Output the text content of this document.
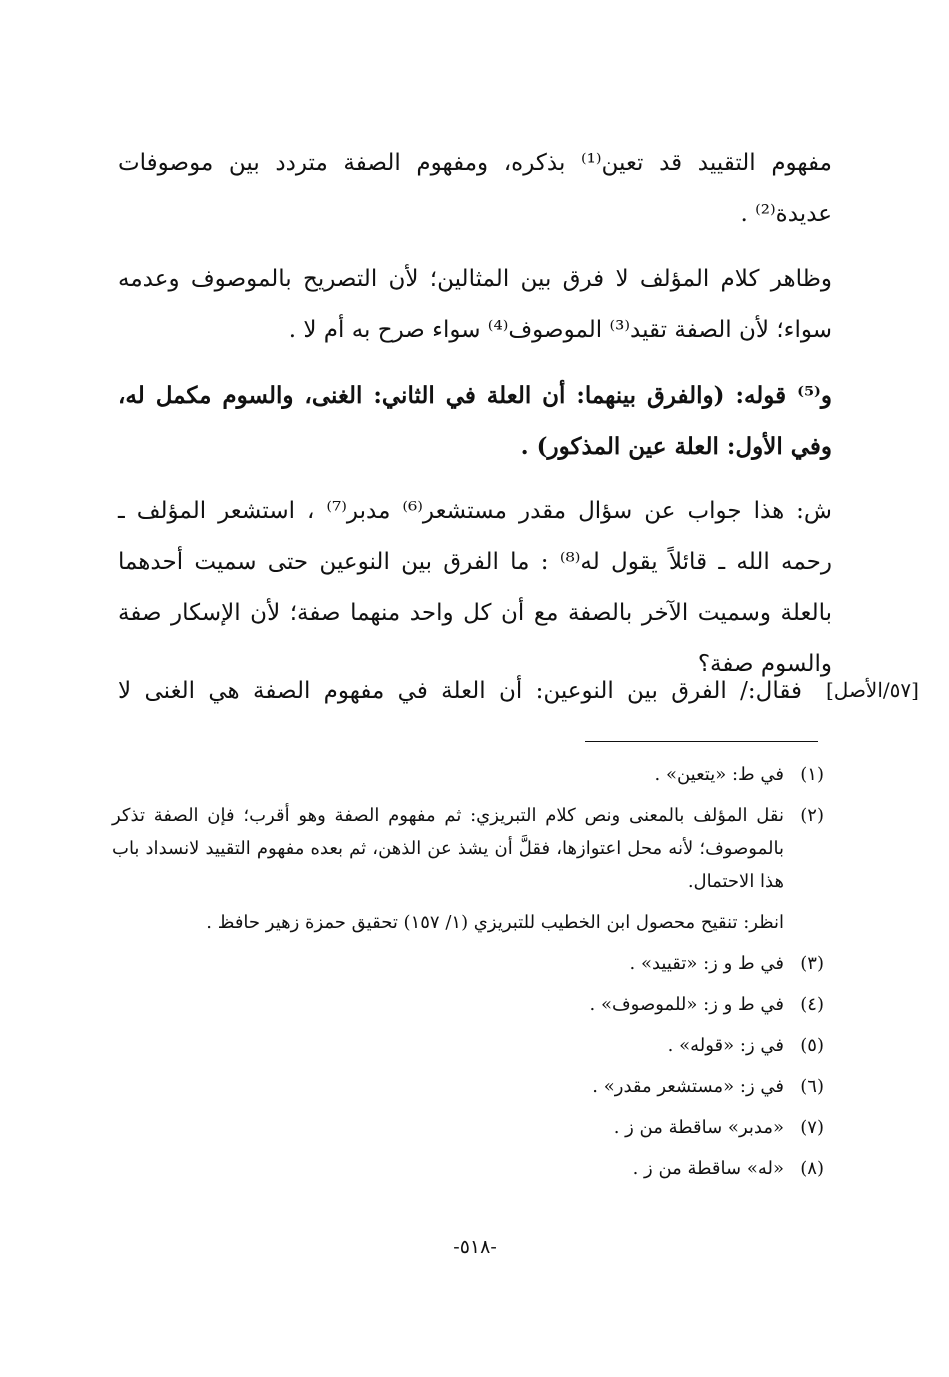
مفهوم التقييد قد تعين⁽¹⁾ بذكره، ومفهوم الصفة متردد بين موصوفات عديدة⁽²⁾ .

وظاهر كلام المؤلف لا فرق بين المثالين؛ لأن التصريح بالموصوف وعدمه سواء؛ لأن الصفة تقيد⁽³⁾ الموصوف⁽⁴⁾ سواء صرح به أم لا .

و⁽⁵⁾ قوله: (والفرق بينهما: أن العلة في الثاني: الغنى، والسوم مكمل له، وفي الأول: العلة عين المذكور) .

ش: هذا جواب عن سؤال مقدر مستشعر⁽⁶⁾ مدبر⁽⁷⁾ ، استشعر المؤلف ـ رحمه الله ـ قائلاً يقول له⁽⁸⁾ : ما الفرق بين النوعين حتى سميت أحدهما بالعلة وسميت الآخر بالصفة مع أن كل واحد منهما صفة؛ لأن الإسكار صفة والسوم صفة؟

[٥٧/الأصل]
فقال:/ الفرق بين النوعين: أن العلة في مفهوم الصفة هي الغنى لا
(١)
في ط: «يتعين» .
(٢)
نقل المؤلف بالمعنى ونص كلام التبريزي: ثم مفهوم الصفة وهو أقرب؛ فإن الصفة تذكر بالموصوف؛ لأنه محل اعتوازها، فقلَّ أن يشذ عن الذهن، ثم بعده مفهوم التقييد لانسداد باب هذا الاحتمال.
انظر: تنقيح محصول ابن الخطيب للتبريزي (١/ ١٥٧) تحقيق حمزة زهير حافظ .
(٣)
في ط و ز: «تقييد» .
(٤)
في ط و ز: «للموصوف» .
(٥)
في ز: «قوله» .
(٦)
في ز: «مستشعر مقدر» .
(٧)
«مدبر» ساقطة من ز .
(٨)
«له» ساقطة من ز .
-٥١٨-
